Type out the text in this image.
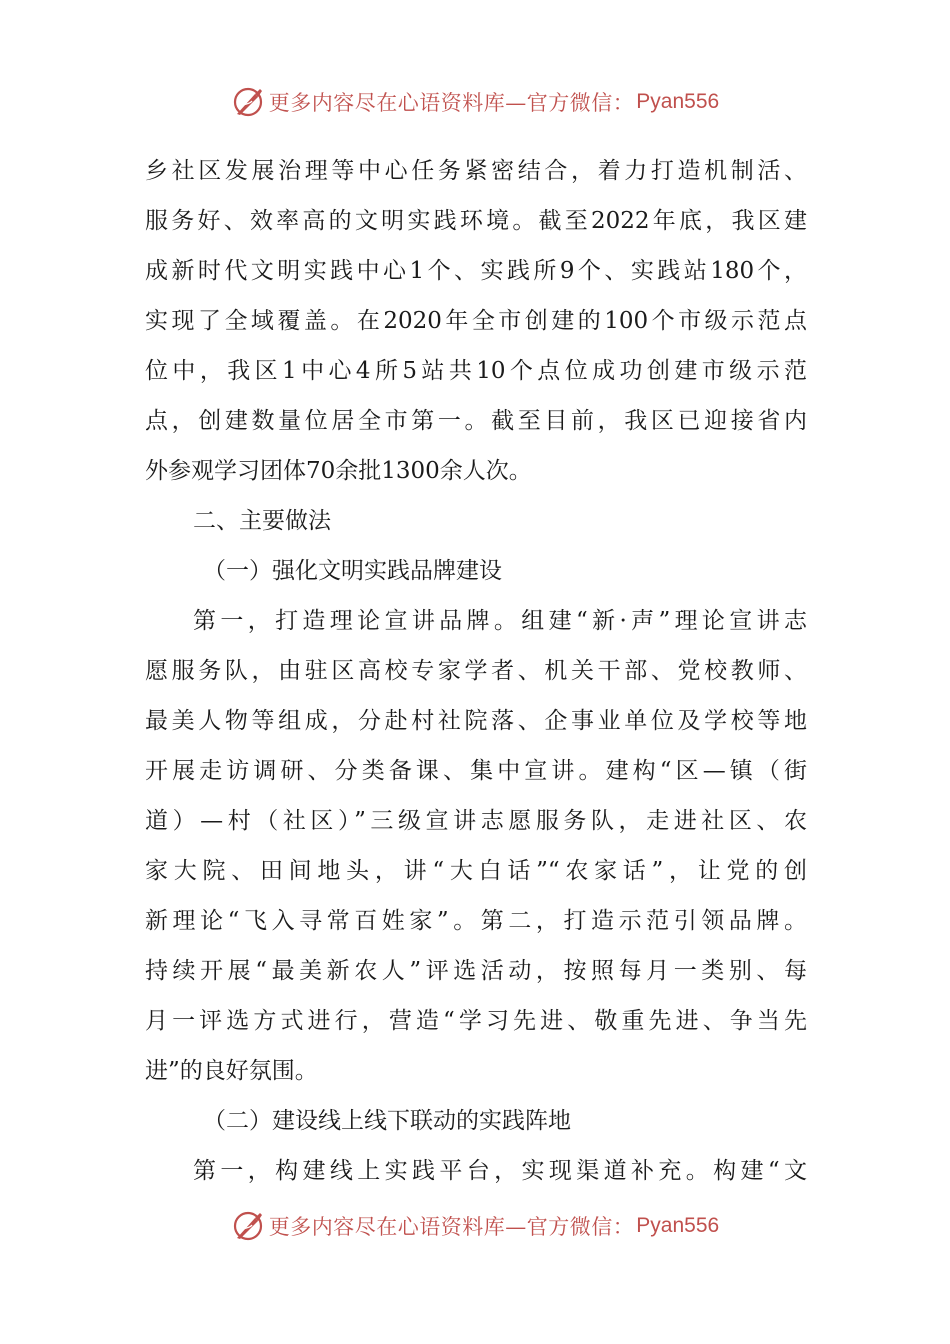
更多内容尽在心语资料库—官方微信： Pyan556
乡社区发展治理等中心任务紧密结合，着力打造机制活、
服务好、效率高的文明实践环境。截至2022年底，我区建
成新时代文明实践中心1个、实践所9个、实践站180个，
实现了全域覆盖。在2020年全市创建的100个市级示范点
位中，我区1中心4所5站共10个点位成功创建市级示范
点，创建数量位居全市第一。截至目前，我区已迎接省内
外参观学习团体70余批1300余人次。
二、主要做法
（一）强化文明实践品牌建设
第一，打造理论宣讲品牌。组建“新·声”理论宣讲志
愿服务队，由驻区高校专家学者、机关干部、党校教师、
最美人物等组成，分赴村社院落、企事业单位及学校等地
开展走访调研、分类备课、集中宣讲。建构“区—镇（街
道）—村（社区）”三级宣讲志愿服务队，走进社区、农
家大院、田间地头，讲“大白话”“农家话”，让党的创
新理论“飞入寻常百姓家”。第二，打造示范引领品牌。
持续开展“最美新农人”评选活动，按照每月一类别、每
月一评选方式进行，营造“学习先进、敬重先进、争当先
进”的良好氛围。
（二）建设线上线下联动的实践阵地
第一，构建线上实践平台，实现渠道补充。构建“文
更多内容尽在心语资料库—官方微信： Pyan556
